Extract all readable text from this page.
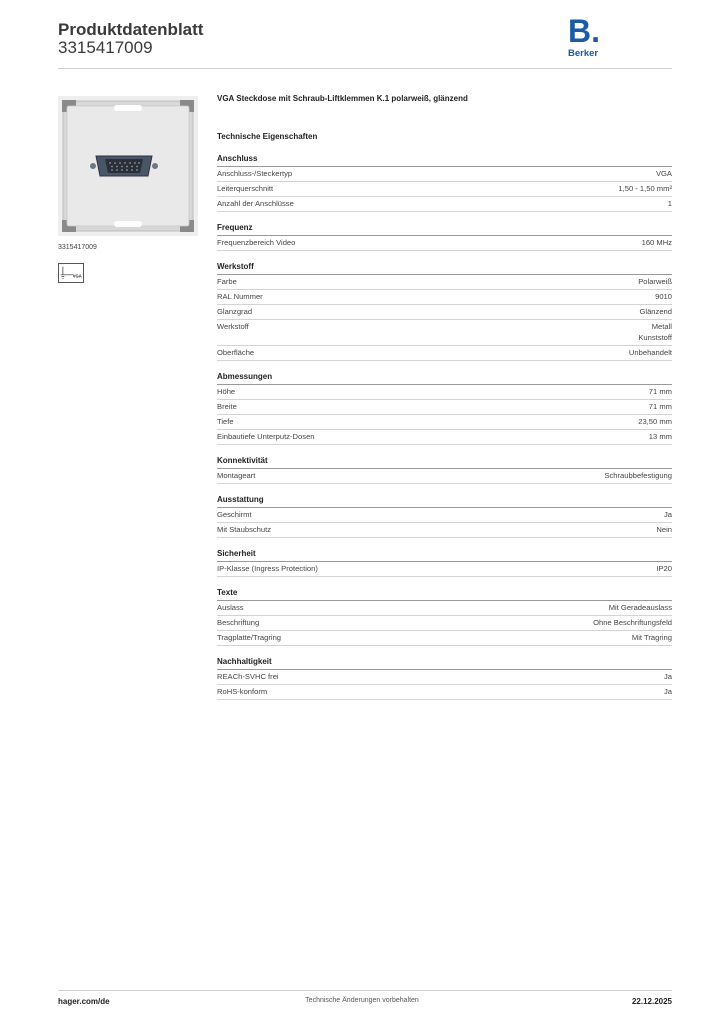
Produktdatenblatt
3315417009	B.
Berker
3315417009
VGA
VGA Steckdose mit Schraub-Liftklemmen K.1 polarweiß, glänzend
Technische Eigenschaften
Anschluss
Anschluss-/Steckertyp	VGA
Leiterquerschnitt	1,50 - 1,50 mm²
Anzahl der Anschlüsse	1
Frequenz
Frequenzbereich Video	160 MHz
Werkstoff
Farbe	Polarweiß
RAL Nummer	9010
Glanzgrad	Glänzend
Werkstoff	Metall
Kunststoff
Oberfläche	Unbehandelt
Abmessungen
Höhe	71 mm
Breite	71 mm
Tiefe	23,50 mm
Einbautiefe Unterputz-Dosen	13 mm
Konnektivität
Montageart	Schraubbefestigung
Ausstattung
Geschirmt	Ja
Mit Staubschutz	Nein
Sicherheit
IP-Klasse (Ingress Protection)	IP20
Texte
Auslass	Mit Geradeauslass
Beschriftung	Ohne Beschriftungsfeld
Tragplatte/Tragring	Mit Tragring
Nachhaltigkeit
REACh-SVHC frei	Ja
RoHS-konform	Ja
hager.com/de	Technische Änderungen vorbehalten	22.12.2025
